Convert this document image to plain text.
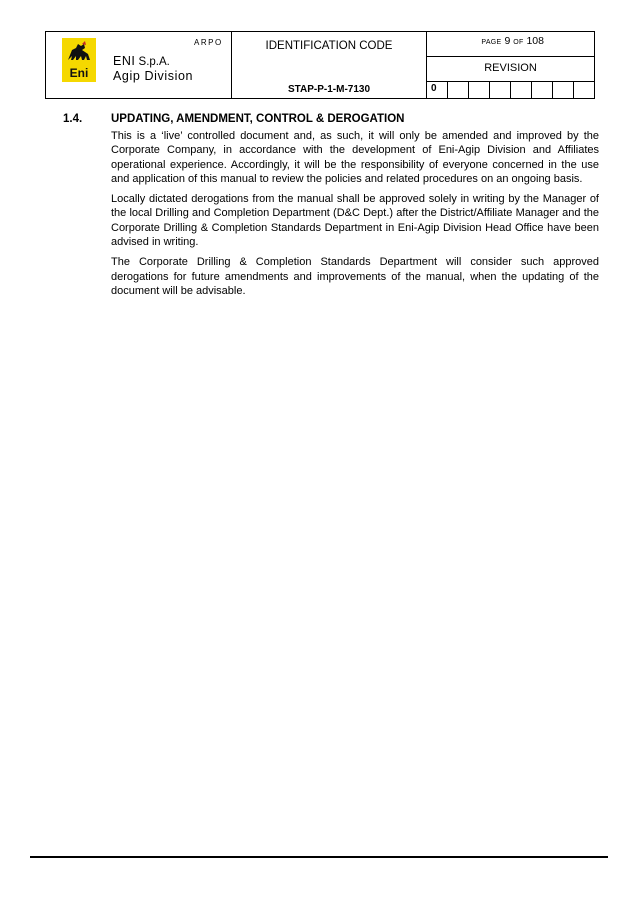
Eni
ARPO
ENI S.p.A.
Agip Division
IDENTIFICATION CODE
STAP-P-1-M-7130
PAGE 9 OF 108
REVISION
0
1.4.	UPDATING, AMENDMENT, CONTROL & DEROGATION

This is a ‘live’ controlled document and, as such, it will only be amended and improved by the Corporate Company, in accordance with the development of Eni-Agip Division and Affiliates operational experience. Accordingly, it will be the responsibility of everyone concerned in the use and application of this manual to review the policies and related procedures on an ongoing basis.

Locally dictated derogations from the manual shall be approved solely in writing by the Manager of the local Drilling and Completion Department (D&C Dept.) after the District/Affiliate Manager and the Corporate Drilling & Completion Standards Department in Eni-Agip Division Head Office have been advised in writing.

The Corporate Drilling & Completion Standards Department will consider such approved derogations for future amendments and improvements of the manual, when the updating of the document will be advisable.
